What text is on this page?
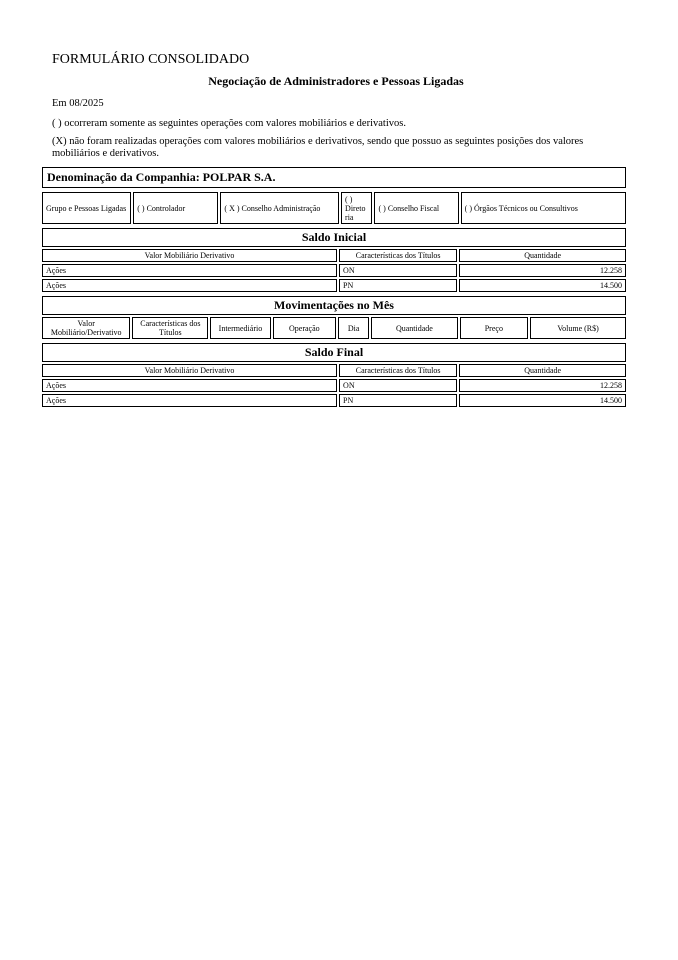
FORMULÁRIO CONSOLIDADO
Negociação de Administradores e Pessoas Ligadas
Em 08/2025
( ) ocorreram somente as seguintes operações com valores mobiliários e derivativos.
(X) não foram realizadas operações com valores mobiliários e derivativos, sendo que possuo as seguintes posições dos valores mobiliários e derivativos.
Denominação da Companhia: POLPAR S.A.
Grupo e Pessoas Ligadas	( ) Controlador	( X ) Conselho Administração	( ) Direto ria	( ) Conselho Fiscal	( ) Órgãos Técnicos ou Consultivos
Saldo Inicial		
Valor Mobiliário Derivativo	Características dos Títulos	Quantidade
Ações	ON	12.258
Ações	PN	14.500
Movimentações no Mês
Valor Mobiliário/Derivativo	Características dos Títulos	Intermediário	Operação	Dia	Quantidade	Preço	Volume (R$)
Saldo Final		
Valor Mobiliário Derivativo	Características dos Títulos	Quantidade
Ações	ON	12.258
Ações	PN	14.500
